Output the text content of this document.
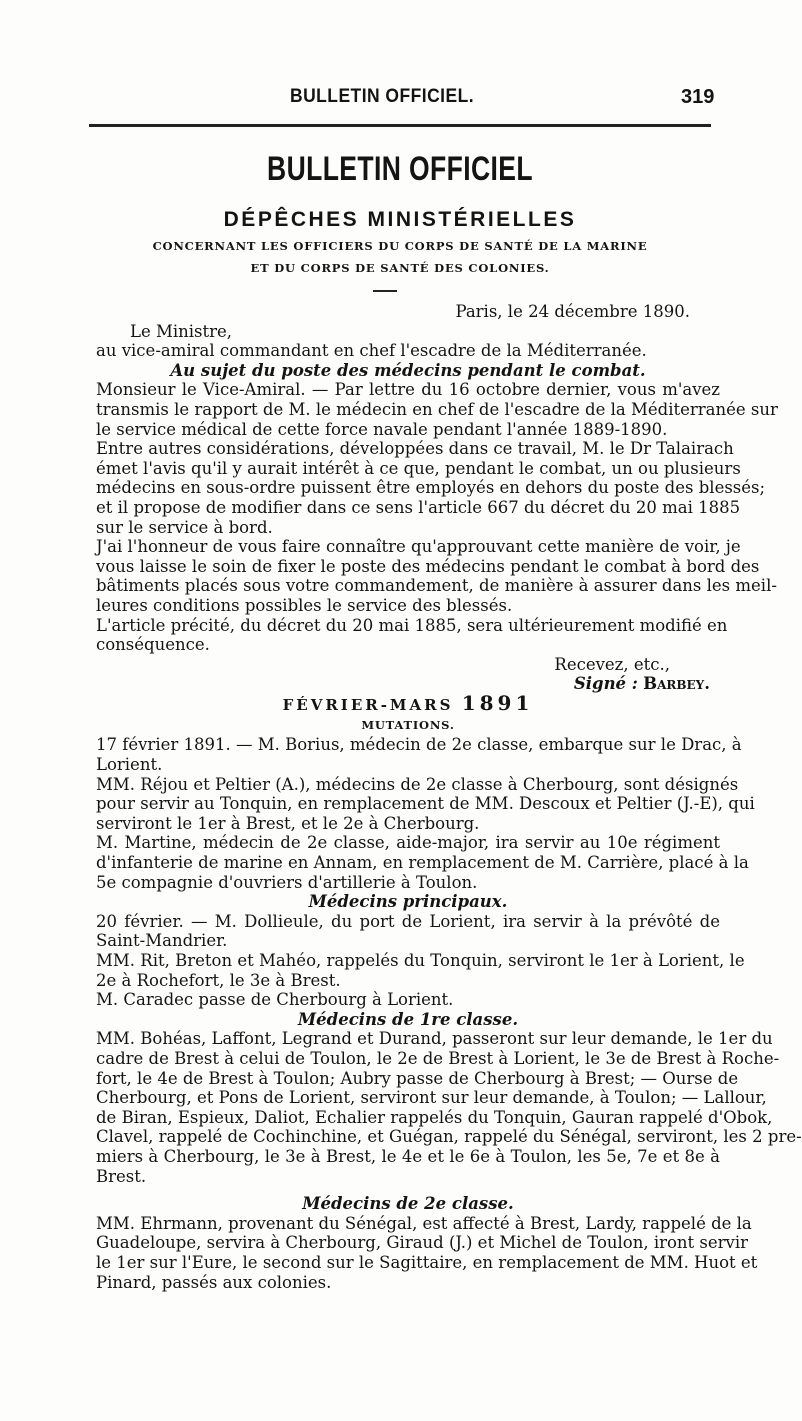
BULLETIN OFFICIEL.	319
BULLETIN OFFICIEL
DÉPÊCHES MINISTÉRIELLES
CONCERNANT LES OFFICIERS DU CORPS DE SANTÉ DE LA MARINE
ET DU CORPS DE SANTÉ DES COLONIES.
Paris, le 24 décembre 1890.
Le Ministre,
au vice-amiral commandant en chef l'escadre de la Méditerranée.
Au sujet du poste des médecins pendant le combat.
Monsieur le Vice-Amiral. — Par lettre du 16 octobre dernier, vous m'avez
transmis le rapport de M. le médecin en chef de l'escadre de la Méditerranée sur
le service médical de cette force navale pendant l'année 1889-1890.
Entre autres considérations, développées dans ce travail, M. le Dr Talairach
émet l'avis qu'il y aurait intérêt à ce que, pendant le combat, un ou plusieurs
médecins en sous-ordre puissent être employés en dehors du poste des blessés;
et il propose de modifier dans ce sens l'article 667 du décret du 20 mai 1885
sur le service à bord.
J'ai l'honneur de vous faire connaître qu'approuvant cette manière de voir, je
vous laisse le soin de fixer le poste des médecins pendant le combat à bord des
bâtiments placés sous votre commandement, de manière à assurer dans les meil-
leures conditions possibles le service des blessés.
L'article précité, du décret du 20 mai 1885, sera ultérieurement modifié en
conséquence.
Recevez, etc.,
Signé : Barbey.
FÉVRIER-MARS 1891
MUTATIONS.
17 février 1891. — M. Borius, médecin de 2e classe, embarque sur le Drac, à
Lorient.
MM. Réjou et Peltier (A.), médecins de 2e classe à Cherbourg, sont désignés
pour servir au Tonquin, en remplacement de MM. Descoux et Peltier (J.-E), qui
serviront le 1er à Brest, et le 2e à Cherbourg.
M. Martine, médecin de 2e classe, aide-major, ira servir au 10e régiment
d'infanterie de marine en Annam, en remplacement de M. Carrière, placé à la
5e compagnie d'ouvriers d'artillerie à Toulon.
Médecins principaux.
20 février. — M. Dollieule, du port de Lorient, ira servir à la prévôté de
Saint-Mandrier.
MM. Rit, Breton et Mahéo, rappelés du Tonquin, serviront le 1er à Lorient, le
2e à Rochefort, le 3e à Brest.
M. Caradec passe de Cherbourg à Lorient.
Médecins de 1re classe.
MM. Bohéas, Laffont, Legrand et Durand, passeront sur leur demande, le 1er du
cadre de Brest à celui de Toulon, le 2e de Brest à Lorient, le 3e de Brest à Roche-
fort, le 4e de Brest à Toulon; Aubry passe de Cherbourg à Brest; — Ourse de
Cherbourg, et Pons de Lorient, serviront sur leur demande, à Toulon; — Lallour,
de Biran, Espieux, Daliot, Echalier rappelés du Tonquin, Gauran rappelé d'Obok,
Clavel, rappelé de Cochinchine, et Guégan, rappelé du Sénégal, serviront, les 2 pre-
miers à Cherbourg, le 3e à Brest, le 4e et le 6e à Toulon, les 5e, 7e et 8e à
Brest.
Médecins de 2e classe.
MM. Ehrmann, provenant du Sénégal, est affecté à Brest, Lardy, rappelé de la
Guadeloupe, servira à Cherbourg, Giraud (J.) et Michel de Toulon, iront servir
le 1er sur l'Eure, le second sur le Sagittaire, en remplacement de MM. Huot et
Pinard, passés aux colonies.
